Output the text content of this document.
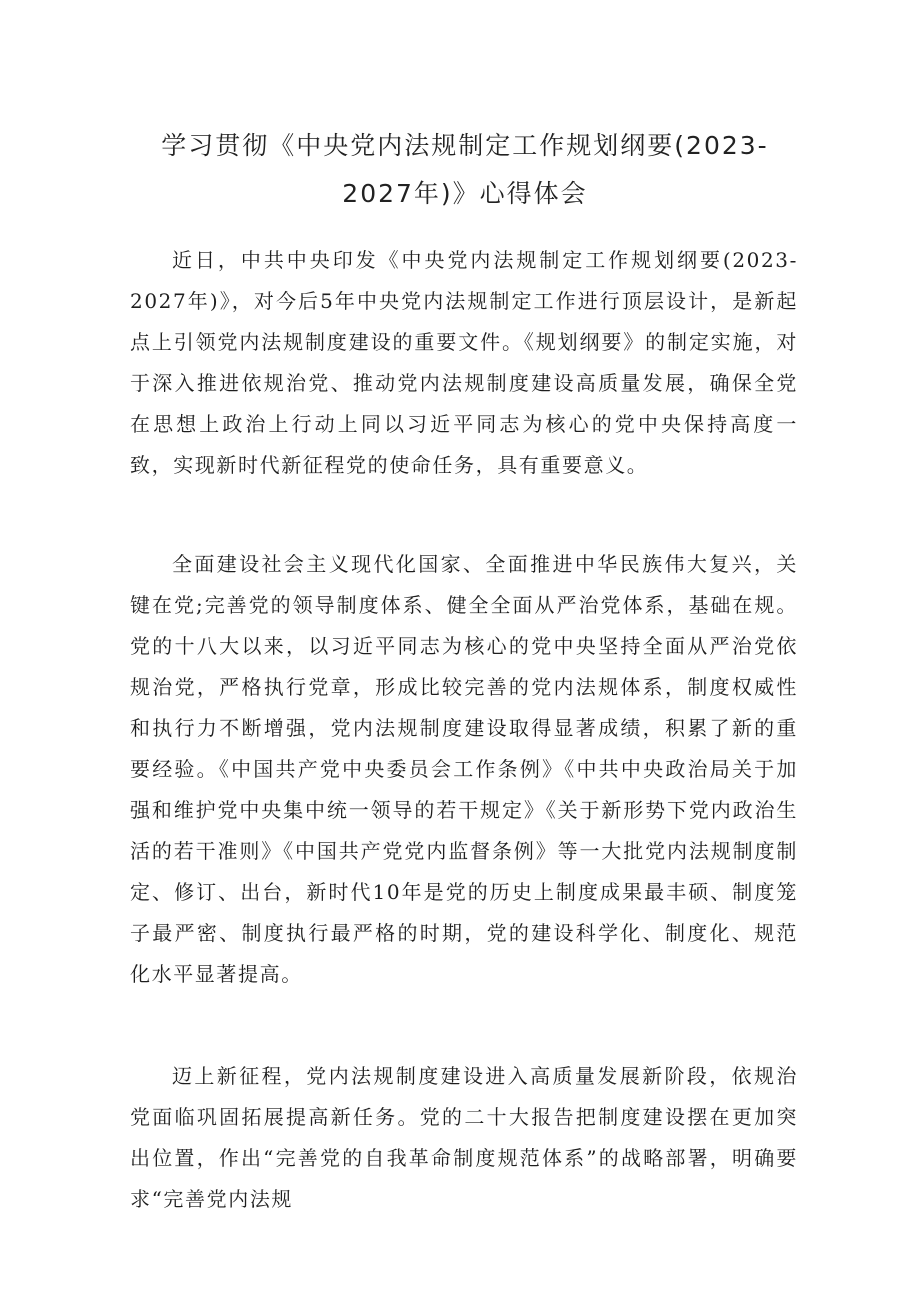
学习贯彻《中央党内法规制定工作规划纲要(2023-
2027年)》心得体会

近日，中共中央印发《中央党内法规制定工作规划纲要(2023-2027年)》，对今后5年中央党内法规制定工作进行顶层设计，是新起点上引领党内法规制度建设的重要文件。《规划纲要》的制定实施，对于深入推进依规治党、推动党内法规制度建设高质量发展，确保全党在思想上政治上行动上同以习近平同志为核心的党中央保持高度一致，实现新时代新征程党的使命任务，具有重要意义。

全面建设社会主义现代化国家、全面推进中华民族伟大复兴，关键在党;完善党的领导制度体系、健全全面从严治党体系，基础在规。党的十八大以来，以习近平同志为核心的党中央坚持全面从严治党依规治党，严格执行党章，形成比较完善的党内法规体系，制度权威性和执行力不断增强，党内法规制度建设取得显著成绩，积累了新的重要经验。《中国共产党中央委员会工作条例》《中共中央政治局关于加强和维护党中央集中统一领导的若干规定》《关于新形势下党内政治生活的若干准则》《中国共产党党内监督条例》等一大批党内法规制度制定、修订、出台，新时代10年是党的历史上制度成果最丰硕、制度笼子最严密、制度执行最严格的时期，党的建设科学化、制度化、规范化水平显著提高。

迈上新征程，党内法规制度建设进入高质量发展新阶段，依规治党面临巩固拓展提高新任务。党的二十大报告把制度建设摆在更加突出位置，作出“完善党的自我革命制度规范体系”的战略部署，明确要求“完善党内法规
